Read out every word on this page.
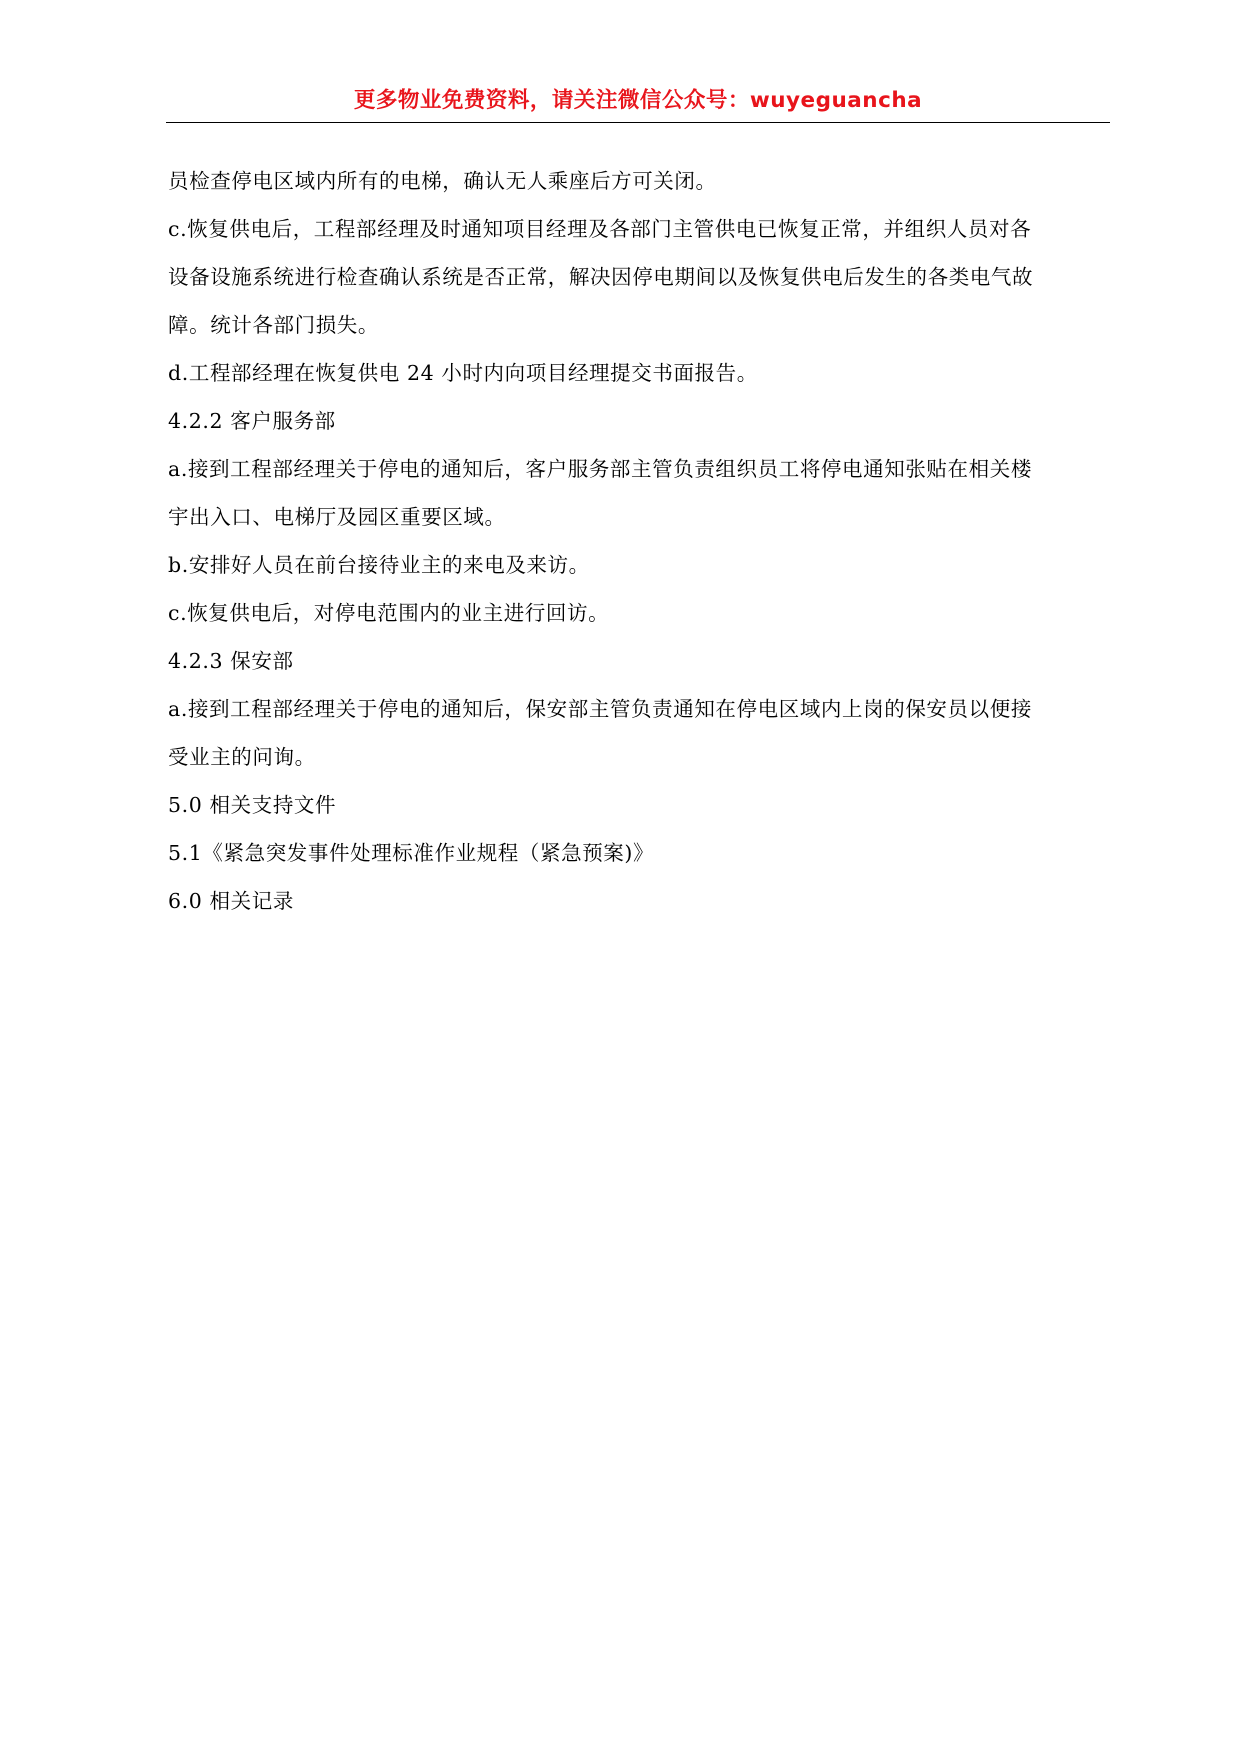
更多物业免费资料，请关注微信公众号：wuyeguancha

员检查停电区域内所有的电梯，确认无人乘座后方可关闭。

c.恢复供电后，工程部经理及时通知项目经理及各部门主管供电已恢复正常，并组织人员对各

设备设施系统进行检查确认系统是否正常，解决因停电期间以及恢复供电后发生的各类电气故

障。统计各部门损失。

d.工程部经理在恢复供电 24 小时内向项目经理提交书面报告。

4.2.2 客户服务部

a.接到工程部经理关于停电的通知后，客户服务部主管负责组织员工将停电通知张贴在相关楼

宇出入口、电梯厅及园区重要区域。

b.安排好人员在前台接待业主的来电及来访。

c.恢复供电后，对停电范围内的业主进行回访。

4.2.3 保安部

a.接到工程部经理关于停电的通知后，保安部主管负责通知在停电区域内上岗的保安员以便接

受业主的问询。

5.0 相关支持文件

5.1《紧急突发事件处理标准作业规程（紧急预案)》

6.0 相关记录
